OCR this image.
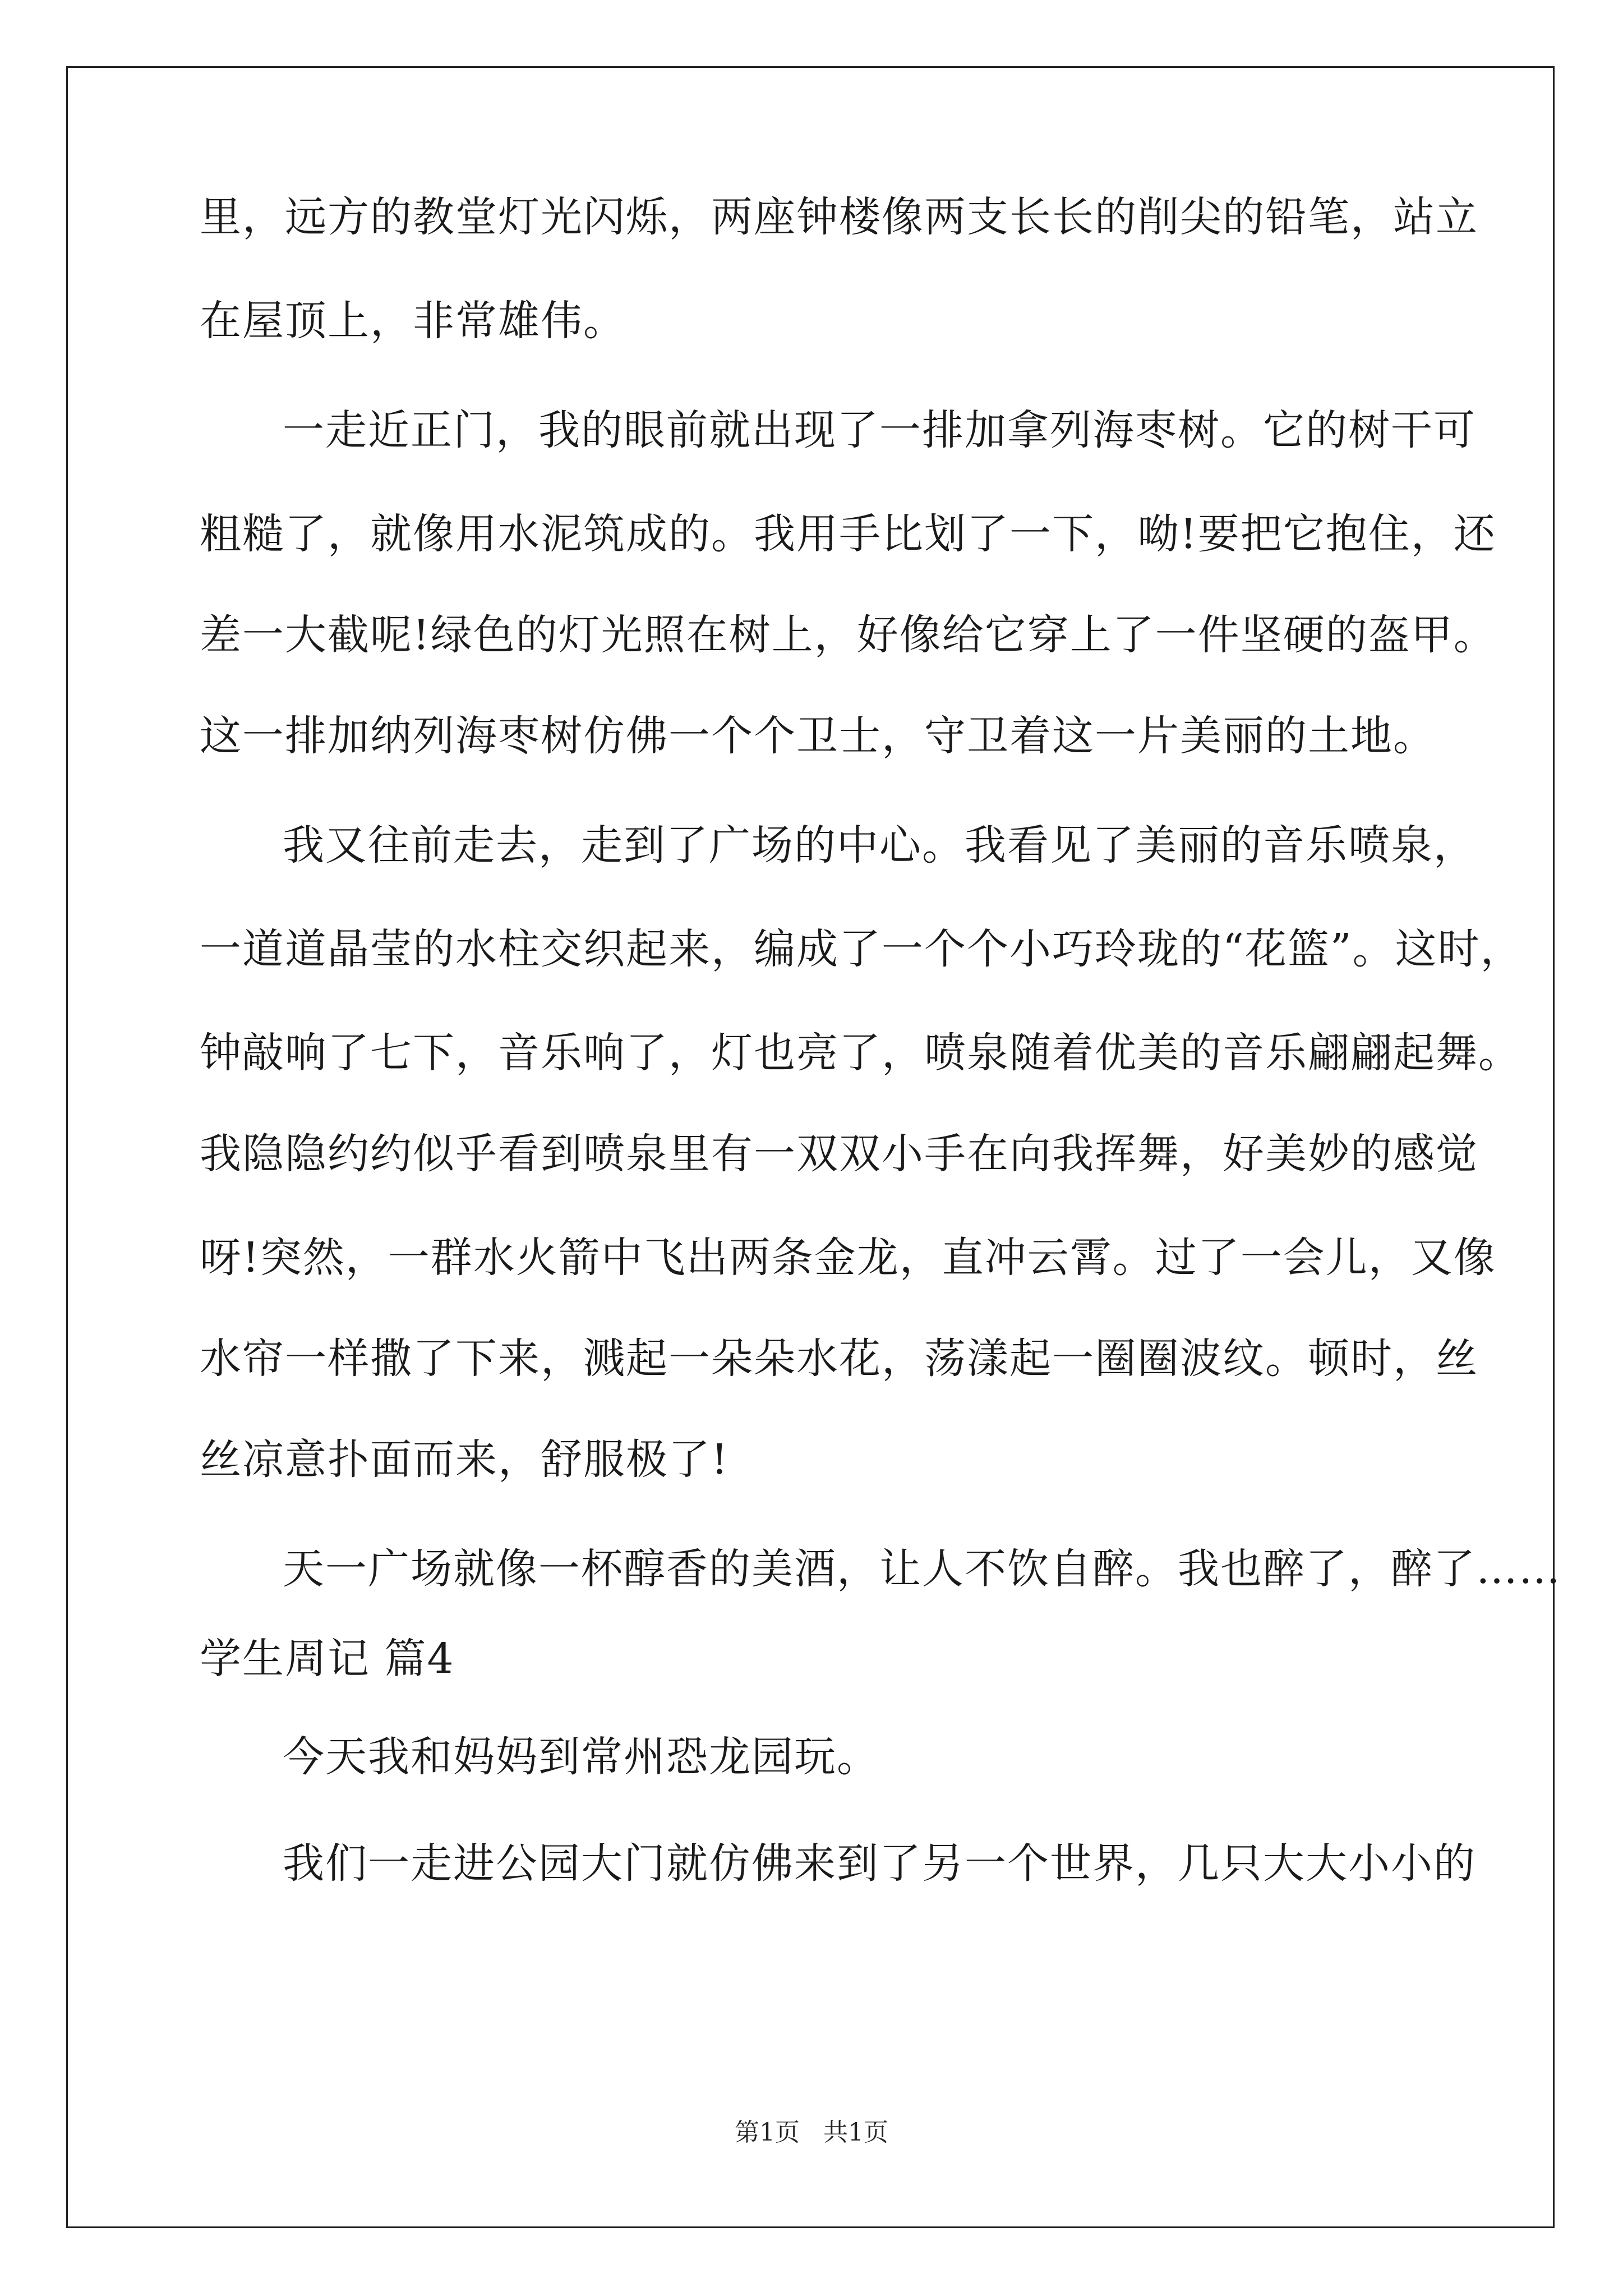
里，远方的教堂灯光闪烁，两座钟楼像两支长长的削尖的铅笔，站立
在屋顶上，非常雄伟。
一走近正门，我的眼前就出现了一排加拿列海枣树。它的树干可
粗糙了，就像用水泥筑成的。我用手比划了一下，呦!要把它抱住，还
差一大截呢!绿色的灯光照在树上，好像给它穿上了一件坚硬的盔甲。
这一排加纳列海枣树仿佛一个个卫士，守卫着这一片美丽的土地。
我又往前走去，走到了广场的中心。我看见了美丽的音乐喷泉，
一道道晶莹的水柱交织起来，编成了一个个小巧玲珑的“花篮”。这时，
钟敲响了七下，音乐响了，灯也亮了，喷泉随着优美的音乐翩翩起舞。
我隐隐约约似乎看到喷泉里有一双双小手在向我挥舞，好美妙的感觉
呀!突然，一群水火箭中飞出两条金龙，直冲云霄。过了一会儿，又像
水帘一样撒了下来，溅起一朵朵水花，荡漾起一圈圈波纹。顿时，丝
丝凉意扑面而来，舒服极了!
天一广场就像一杯醇香的美酒，让人不饮自醉。我也醉了，醉了……
学生周记 篇4
今天我和妈妈到常州恐龙园玩。
我们一走进公园大门就仿佛来到了另一个世界，几只大大小小的
第1页 共1页
